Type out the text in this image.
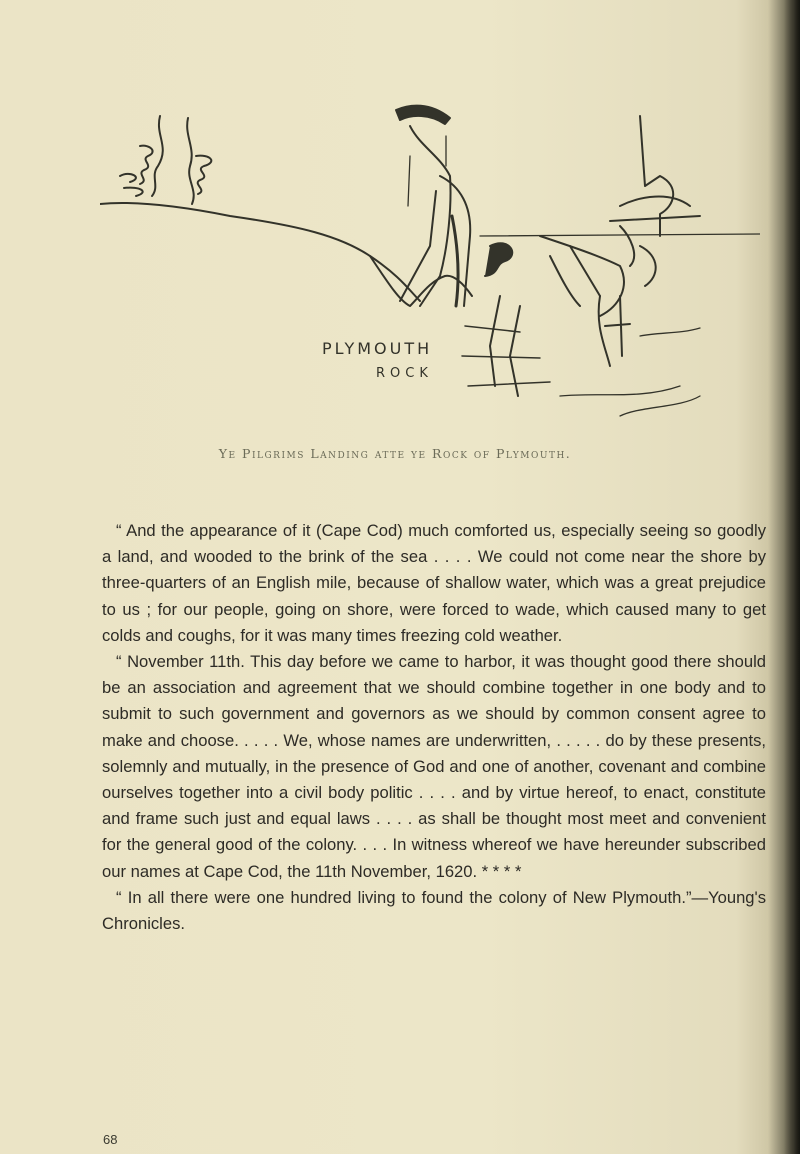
PLYMOUTH
ROCK
Ye Pilgrims Landing atte ye Rock of Plymouth.

“ And the appearance of it (Cape Cod) much comforted us, especially seeing so goodly a land, and wooded to the brink of the sea . . . . We could not come near the shore by three-quarters of an English mile, because of shallow water, which was a great prejudice to us ; for our people, going on shore, were forced to wade, which caused many to get colds and coughs, for it was many times freezing cold weather.

“ November 11th. This day before we came to harbor, it was thought good there should be an association and agreement that we should combine together in one body and to submit to such government and governors as we should by common consent agree to make and choose. . . . . We, whose names are underwritten, . . . . . do by these presents, solemnly and mutually, in the presence of God and one of another, covenant and combine ourselves together into a civil body politic . . . . and by virtue hereof, to enact, constitute and frame such just and equal laws . . . . as shall be thought most meet and convenient for the general good of the colony. . . . In witness whereof we have hereunder subscribed our names at Cape Cod, the 11th November, 1620. * * * *

“ In all there were one hundred living to found the colony of New Plymouth.”—Young's Chronicles.

68
